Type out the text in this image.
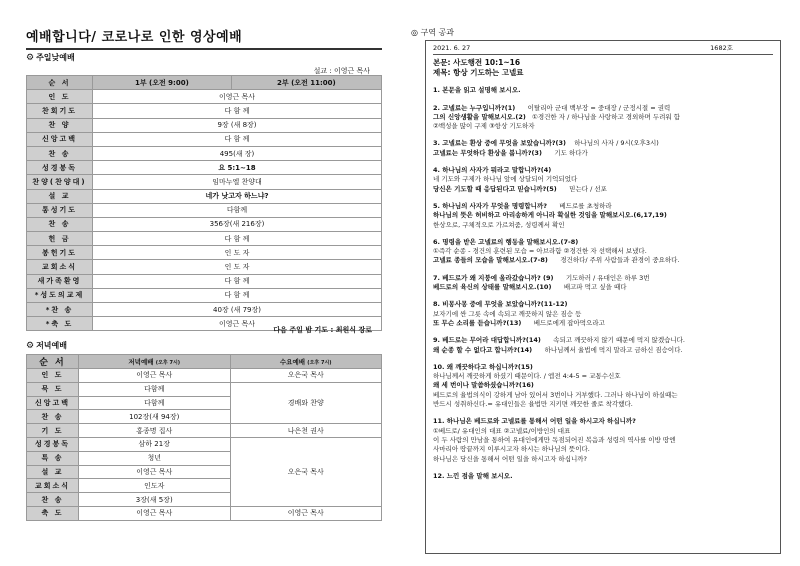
예배합니다/ 코로나로 인한 영상예배
⚙ 주일낮예배
설교 : 이영근 목사
순 서	1부 (오전 9:00)	2부 (오전 11:00)
인 도	이영근 목사	
찬회기도	다 함 께	
찬 양	9장 (새 8장)	
신앙고백	다 함 께	
찬 송	495(새 장)	
성경봉독	요 5:1~18	
찬양(찬양대)	임마누엘 찬양대	
설 교	네가 낫고자 하느냐?	
통성기도	다함께	
찬 송	356장(새 216장)	
헌 금	다 함 께	
봉헌기도	인 도 자	
교회소식	인 도 자	
새가족환영	다 함 께	
*성도의교제	다 함 께	
*찬 송	40장 (새 79장)	
*축 도	이영근 목사	
다음 주일 밤 기도 : 최원식 장로
⚙ 저녁예배
순 서	저녁예배 (오후 7시)	수요예배 (오후 7시)
인 도	이영근 목사	오은국 목사
묵 도	다함께	경배와 찬양
신앙고백	다함께	
찬 송	102장(새 94장)	
기 도	홍종명 집사	나은천 권사
성경봉독	삼하 21장	오은국 목사
특 송	청년	
설 교	이영근 목사	
교회소식	인도자	
찬 송	3장(새 5장)	
축 도	이영근 목사	이영근 목사
◎ 구역 공과
2021. 6. 27	1682호
본문: 사도행전 10:1~16
제목: 항상 기도하는 고넬료
1. 본문을 읽고 설명해 보시오.
2. 고넬료는 누구입니까?(1) 이탈리아 군대 백부장 = 중대장 / 군정시절 = 권력
그의 신앙생활을 말해보시오.(2) ①경건한 자 / 하나님을 사랑하고 경외하며 두려워 함
②백성을 많이 구제 ③항상 기도하자
3. 고넬료는 환상 중에 무엇을 보았습니까?(3) 하나님의 사자 / 9시(오후3시)
고넬료는 무엇하다 환상을 봅니까?(3) 기도 하다가
4. 하나님의 사자가 뭐라고 말합니까?(4)
네 기도와 구제가 하나님 앞에 상달되어 기억되었다
당신은 기도할 때 응답된다고 믿습니까?(5) 믿는다 / 선포
5. 하나님의 사자가 무엇을 명령합니까? 베드로를 초청하라
하나님의 뜻은 허비하고 아리송하게 아니라 확실한 것임을 말해보시오.(6,17,19)
한상으로, 구체적으로 가르쳐줌, 성령께서 확인
6. 명령을 받은 고넬료의 행동을 말해보시오.(7-8)
①즉각 순종 - 경건의 훈련된 모습 = 아브라함 ②경건한 자 선택해서 보냈다.
고넬료 종들의 모습을 말해보시오.(7-8) 경건하다/ 주위 사람들과 관경이 중요하다.
7. 베드로가 왜 지붕에 올라갔습니까? (9) 기도하러 / 유대인은 하루 3번
베드로의 육신의 상태를 말해보시오.(10) 배고파 먹고 싶을 때다
8. 비몽사몽 중에 무엇을 보았습니까?(11-12)
보자기에 싼 그릇 속에 속되고 깨끗하지 않은 짐승 등
또 무슨 소리를 듣습니까?(13) 베드로에게 잡아먹으라고
9. 베드로는 무어라 대답합니까?(14) 속되고 깨끗하지 않기 때문에 먹지 않겠습니다.
왜 순종 할 수 없다고 합니까?(14) 하나님께서 율법에 먹지 말라고 금하신 짐승이다.
10. 왜 깨끗하다고 하십니까?(15)
하나님께서 깨끗하게 하셨기 때문이다. / 엡전 4:4-5 = 교통수신호
왜 세 번이나 말씀하셨습니까?(16)
베드로의 율법의식이 강하게 남아 있어서 3번이나 거부했다. 그러나 하나님이 하실때는
반드시 성취하신다.= 유대인들은 율법만 지키면 깨끗한 줄로 착각했다.
11. 하나님은 베드로와 고넬료를 통해서 어떤 일을 하시고자 하십니까?
①베드로/ 유대인의 대표 ②고넬료/이방인의 대표
이 두 사람의 만남을 통하여 유대인에게만 독점되어진 복음과 성령의 역사를 이방 땅엔
사마리아 땅끝까지 이루시고자 하시는 하나님의 뜻이다.
하나님은 당신을 통해서 어떤 일을 하시고자 하십니까?
12. 느낀 점을 말해 보시오.
